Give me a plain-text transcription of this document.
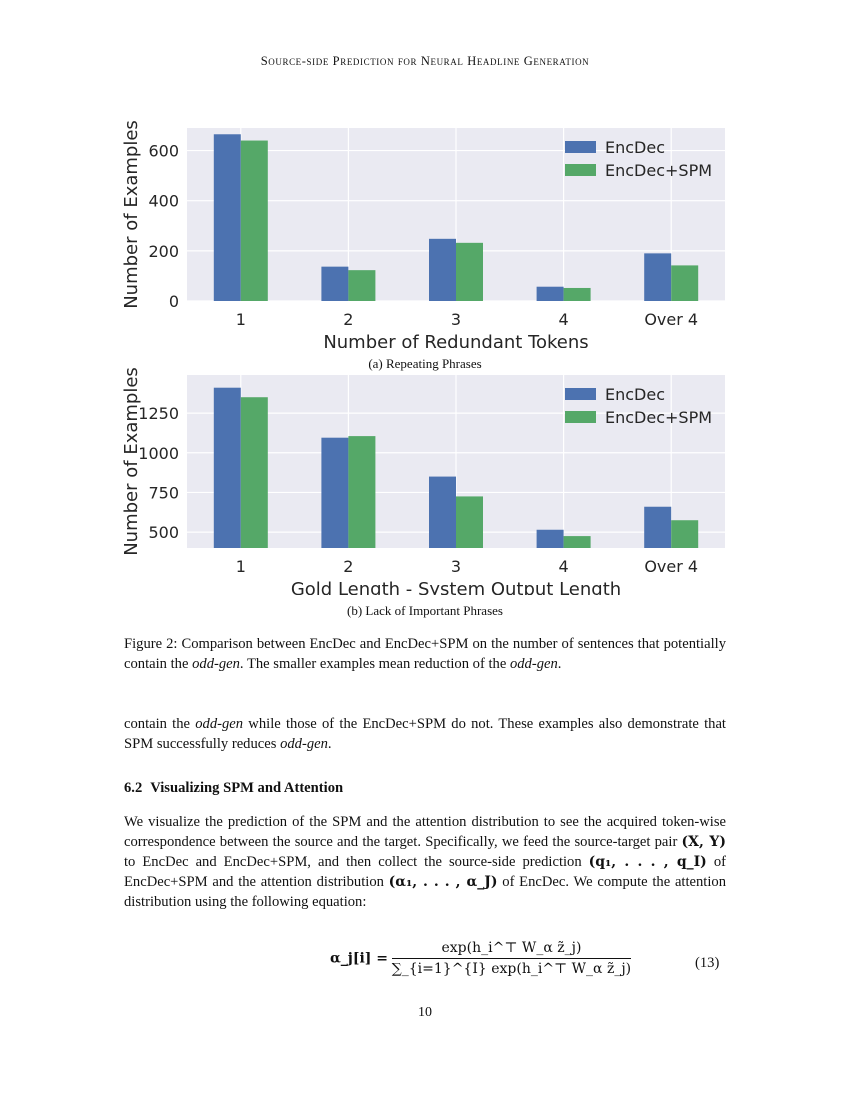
Source-side Prediction for Neural Headline Generation
0
200
400
600
1	2	3	4	Over 4
Number of Redundant Tokens
Number of Examples	EncDec
EncDec+SPM
(a) Repeating Phrases
500
750
1000
1250
1	2	3	4	Over 4
Gold Length - System Output Length
Number of Examples	EncDec
EncDec+SPM
(b) Lack of Important Phrases
Figure 2: Comparison between EncDec and EncDec+SPM on the number of sentences that potentially contain the odd-gen. The smaller examples mean reduction of the odd-gen.
contain the odd-gen while those of the EncDec+SPM do not. These examples also demonstrate that SPM successfully reduces odd-gen.
6.2 Visualizing SPM and Attention
We visualize the prediction of the SPM and the attention distribution to see the acquired token-wise correspondence between the source and the target. Specifically, we feed the source-target pair (X, Y) to EncDec and EncDec+SPM, and then collect the source-side prediction (q₁, . . . , q_I) of EncDec+SPM and the attention distribution (α₁, . . . , α_J) of EncDec. We compute the attention distribution using the following equation:
α_j[i] = $\frac{\text{exp(h\_i\textasciicircum{}⊤ W\_α z̃\_j)}}{\text{∑\_\{i=1\}\textasciicircum{}\{I\} exp(h\_i\textasciicircum{}⊤ W\_α z̃\_j)}}$	(13)
10
